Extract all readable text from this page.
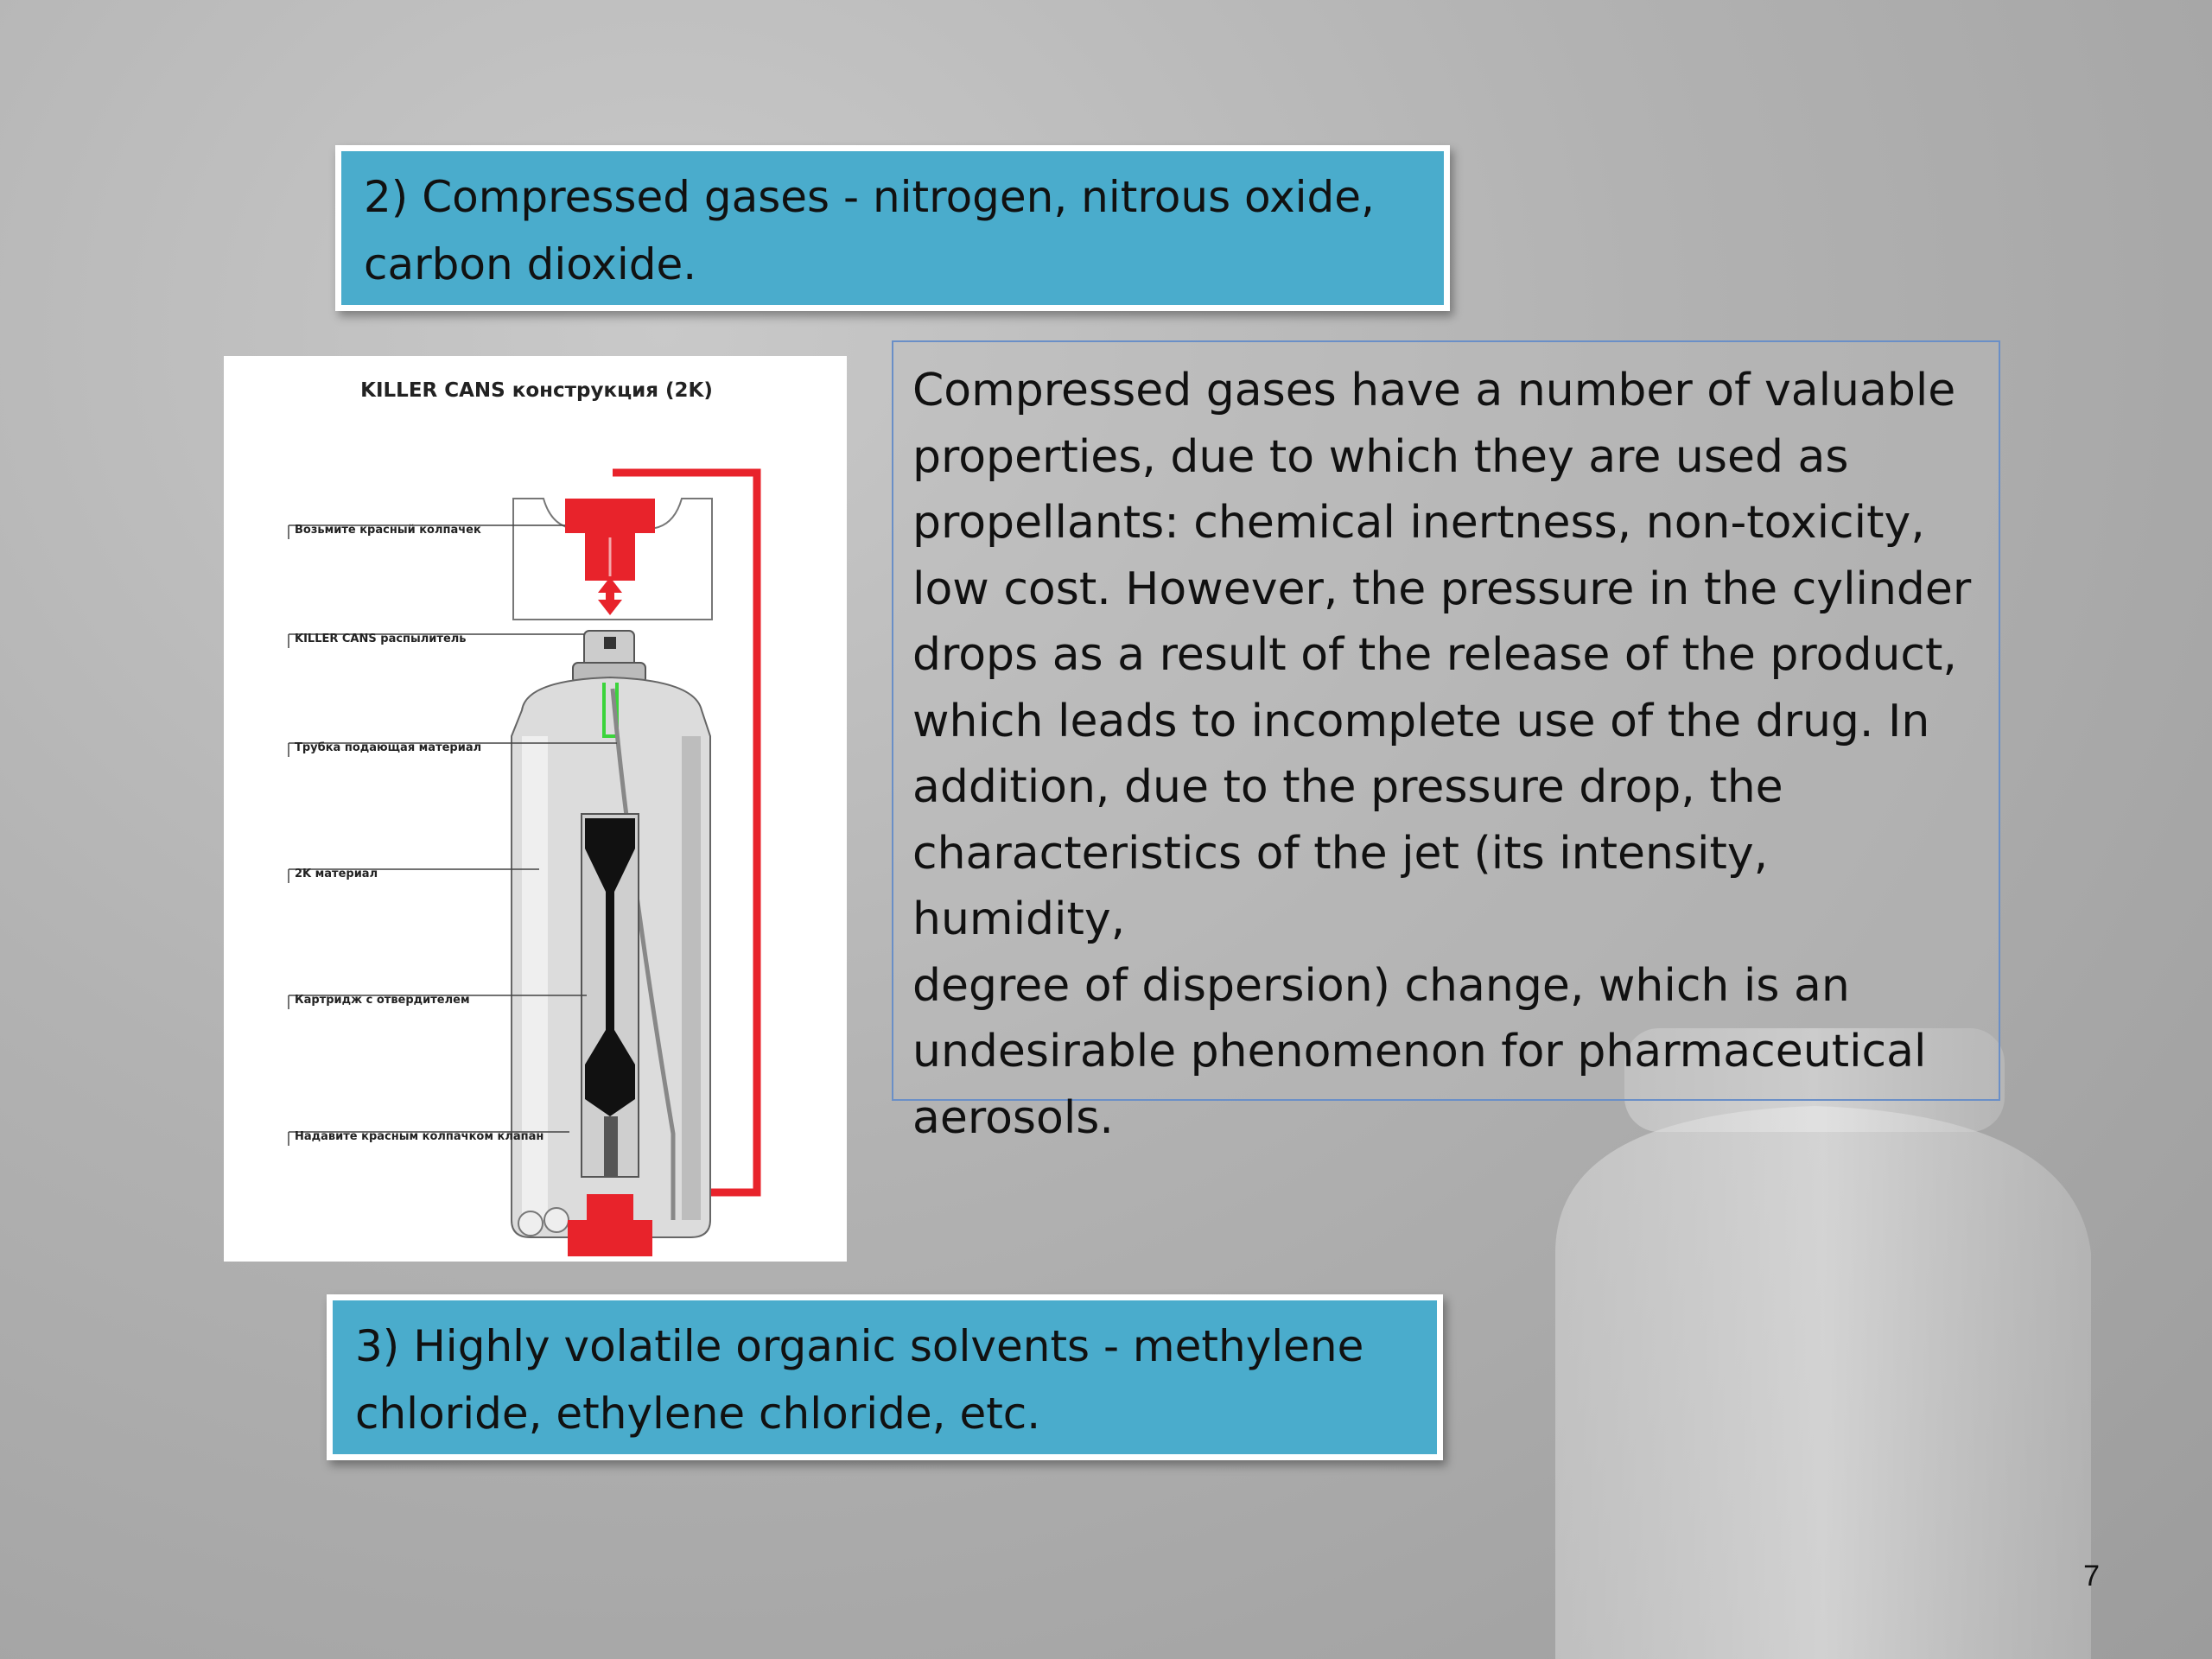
2) Compressed gases - nitrogen, nitrous oxide,
carbon dioxide.
KILLER CANS конструкция (2K)
Возьмите красный колпачек
KILLER CANS распылитель
Трубка подающая материал
2K материал
Картридж с отвердителем
Надавите красным колпачком клапан
Compressed gases have a number of valuable
properties, due to which they are used as
propellants: chemical inertness, non-toxicity,
low cost. However, the pressure in the cylinder
drops as a result of the release of the product,
which leads to incomplete use of the drug. In
addition, due to the pressure drop, the
characteristics of the jet (its intensity, humidity,
degree of dispersion) change, which is an
undesirable phenomenon for pharmaceutical
aerosols.
3) Highly volatile organic solvents - methylene
chloride, ethylene chloride, etc.
7
